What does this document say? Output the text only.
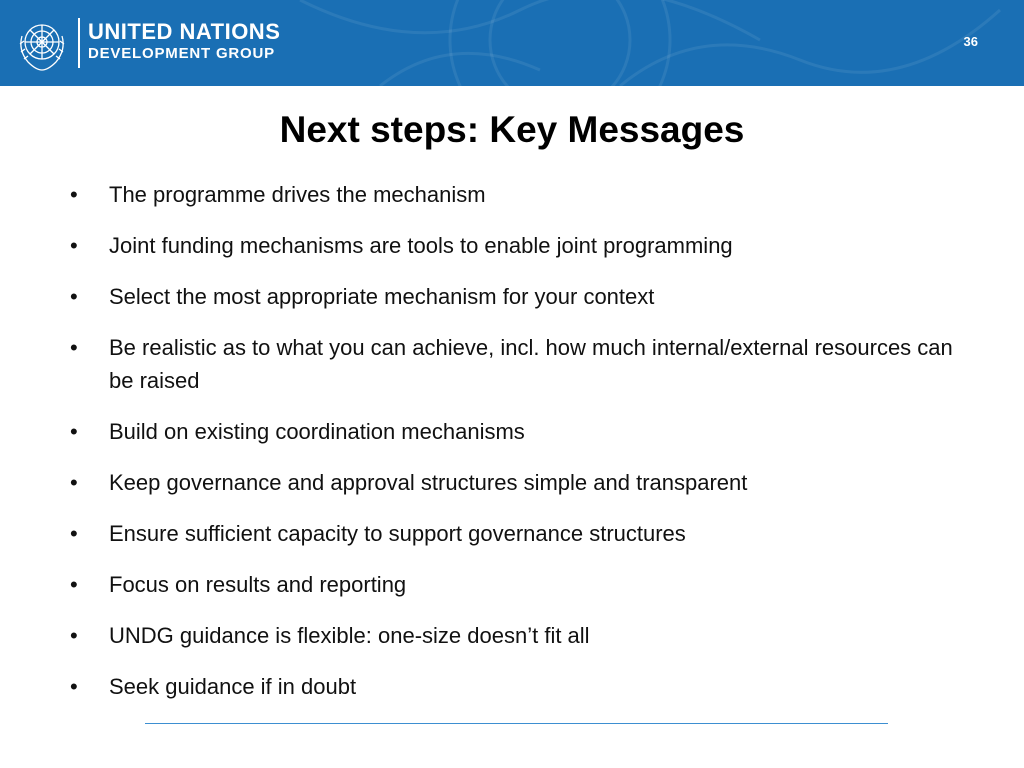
UNITED NATIONS
DEVELOPMENT GROUP
36
Next steps: Key Messages
•	The programme drives the mechanism
•	Joint funding mechanisms are tools to enable joint programming
•	Select the most appropriate mechanism for your context
•	Be realistic as to what you can achieve, incl. how much internal/external resources can be raised
•	Build on existing coordination mechanisms
•	Keep governance and approval structures simple and transparent
•	Ensure sufficient capacity to support governance structures
•	Focus on results and reporting
•	UNDG guidance is flexible: one-size doesn’t fit all
•	Seek guidance if in doubt
